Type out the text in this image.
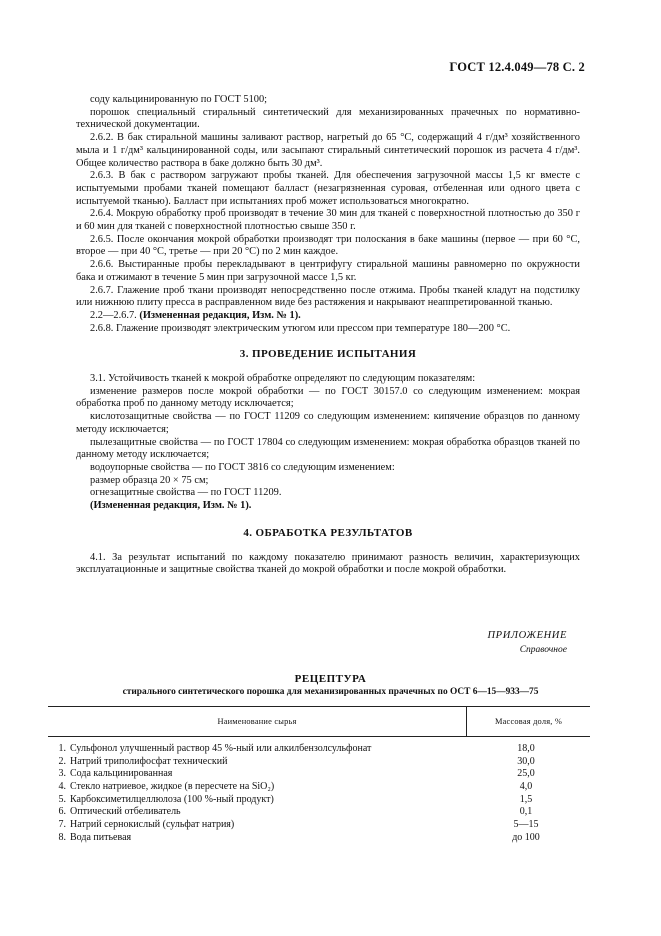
ГОСТ 12.4.049—78 С. 2

соду кальцинированную по ГОСТ 5100;

порошок специальный стиральный синтетический для механизированных прачечных по нормативно-технической документации.

2.6.2. В бак стиральной машины заливают раствор, нагретый до 65 °С, содержащий 4 г/дм³ хозяйственного мыла и 1 г/дм³ кальцинированной соды, или засыпают стиральный синтетический порошок из расчета 4 г/дм³. Общее количество раствора в баке должно быть 30 дм³.

2.6.3. В бак с раствором загружают пробы тканей. Для обеспечения загрузочной массы 1,5 кг вместе с испытуемыми пробами тканей помещают балласт (незагрязненная суровая, отбеленная или одного цвета с испытуемой тканью). Балласт при испытаниях проб может использоваться многократно.

2.6.4. Мокрую обработку проб производят в течение 30 мин для тканей с поверхностной плотностью до 350 г и 60 мин для тканей с поверхностной плотностью свыше 350 г.

2.6.5. После окончания мокрой обработки производят три полоскания в баке машины (первое — при 60 °С, второе — при 40 °С, третье — при 20 °С) по 2 мин каждое.

2.6.6. Выстиранные пробы перекладывают в центрифугу стиральной машины равномерно по окружности бака и отжимают в течение 5 мин при загрузочной массе 1,5 кг.

2.6.7. Глажение проб ткани производят непосредственно после отжима. Пробы тканей кладут на подстилку или нижнюю плиту пресса в расправленном виде без растяжения и накрывают неаппретированной тканью.

2.2—2.6.7. (Измененная редакция, Изм. № 1).

2.6.8. Глажение производят электрическим утюгом или прессом при температуре 180—200 °С.

3. ПРОВЕДЕНИЕ ИСПЫТАНИЯ

3.1. Устойчивость тканей к мокрой обработке определяют по следующим показателям:

изменение размеров после мокрой обработки — по ГОСТ 30157.0 со следующим изменением: мокрая обработка проб по данному методу исключается;

кислотозащитные свойства — по ГОСТ 11209 со следующим изменением: кипячение образцов по данному методу исключается;

пылезащитные свойства — по ГОСТ 17804 со следующим изменением: мокрая обработка образцов тканей по данному методу исключается;

водоупорные свойства — по ГОСТ 3816 со следующим изменением:

размер образца 20 × 75 см;

огнезащитные свойства — по ГОСТ 11209.

(Измененная редакция, Изм. № 1).

4. ОБРАБОТКА РЕЗУЛЬТАТОВ

4.1. За результат испытаний по каждому показателю принимают разность величин, характеризующих эксплуатационные и защитные свойства тканей до мокрой обработки и после мокрой обработки.

ПРИЛОЖЕНИЕ
Справочное
РЕЦЕПТУРА
стирального синтетического порошка для механизированных прачечных по ОСТ 6—15—933—75
Наименование сырья	Массовая доля, %
1. Сульфонол улучшенный раствор 45 %-ный или алкилбензолсульфонат	18,0
2. Натрий триполифосфат технический	30,0
3. Сода кальцинированная	25,0
4. Стекло натриевое, жидкое (в пересчете на SiO₂)	4,0
5. Карбоксиметилцеллюлоза (100 %-ный продукт)	1,5
6. Оптический отбеливатель	0,1
7. Натрий сернокислый (сульфат натрия)	5—15
8. Вода питьевая	до 100
